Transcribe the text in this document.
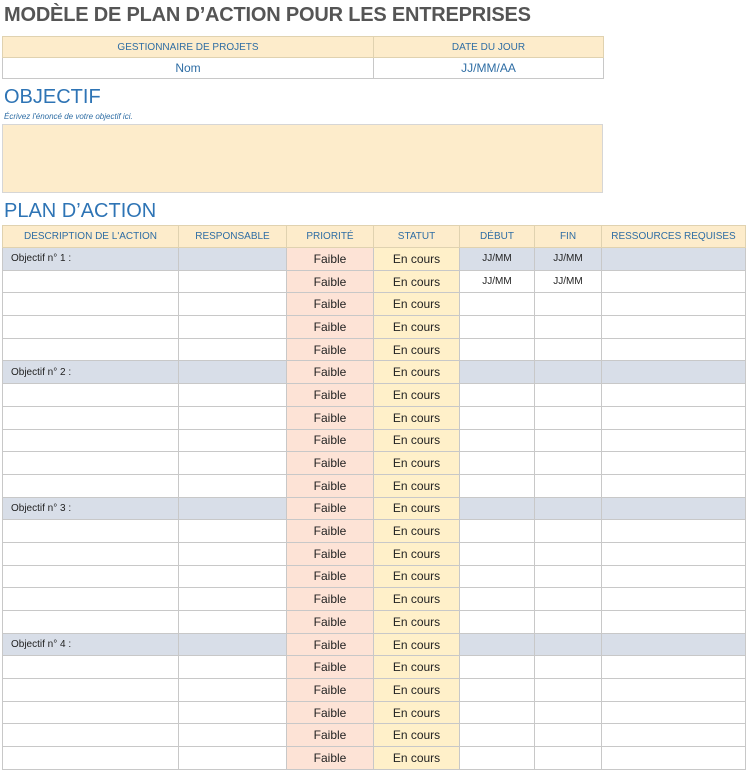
MODÈLE DE PLAN D’ACTION POUR LES ENTREPRISES
GESTIONNAIRE DE PROJETS	DATE DU JOUR
Nom	JJ/MM/AA
OBJECTIF
Écrivez l'énoncé de votre objectif ici.
PLAN D’ACTION
DESCRIPTION DE L'ACTION	RESPONSABLE	PRIORITÉ	STATUT	DÉBUT	FIN	RESSOURCES REQUISES
Objectif n° 1 :		Faible	En cours	JJ/MM	JJ/MM	
		Faible	En cours	JJ/MM	JJ/MM	
		Faible	En cours			
		Faible	En cours			
		Faible	En cours			
Objectif n° 2 :		Faible	En cours			
		Faible	En cours			
		Faible	En cours			
		Faible	En cours			
		Faible	En cours			
		Faible	En cours			
Objectif n° 3 :		Faible	En cours			
		Faible	En cours			
		Faible	En cours			
		Faible	En cours			
		Faible	En cours			
		Faible	En cours			
Objectif n° 4 :		Faible	En cours			
		Faible	En cours			
		Faible	En cours			
		Faible	En cours			
		Faible	En cours			
		Faible	En cours			
